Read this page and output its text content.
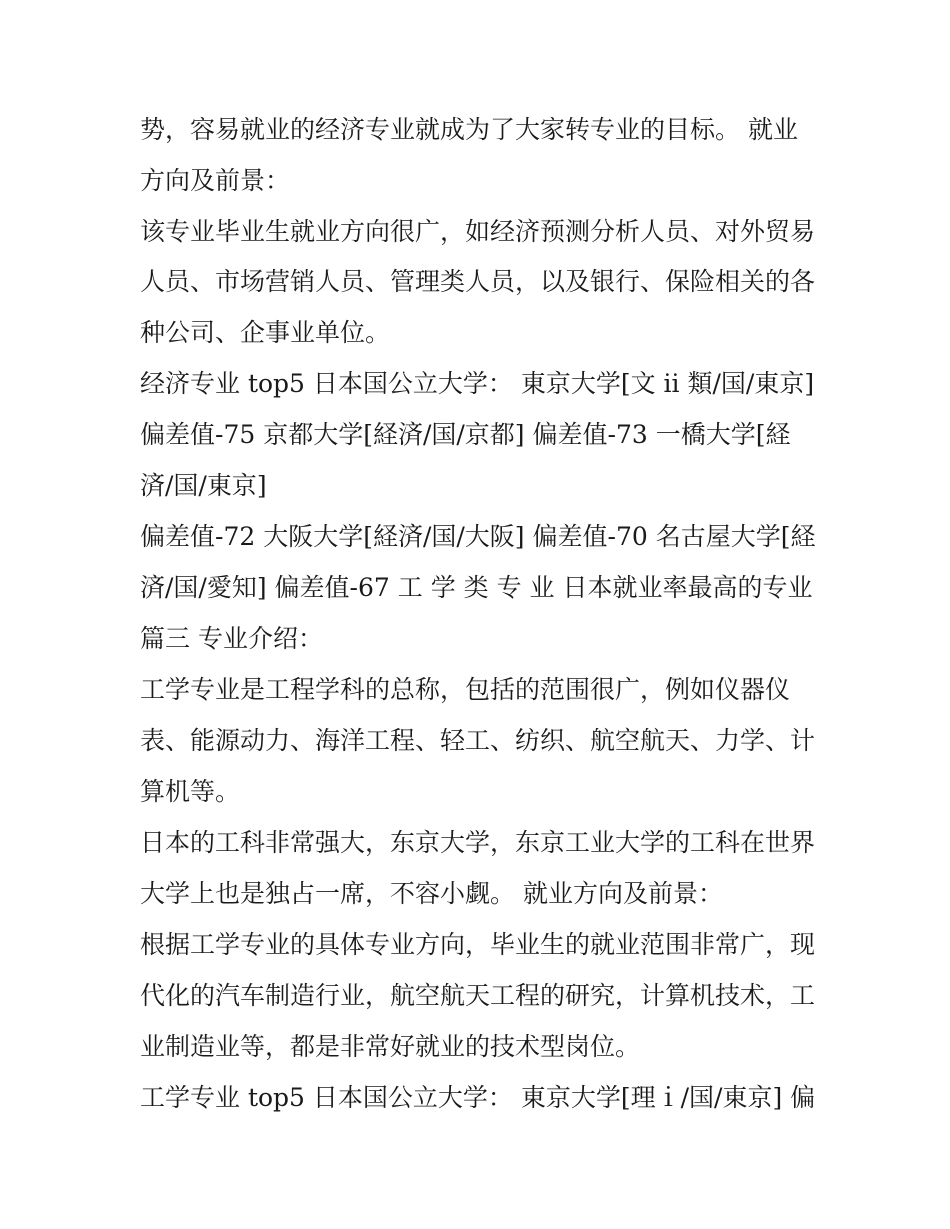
势，容易就业的经济专业就成为了大家转专业的目标。 就业
方向及前景：
该专业毕业生就业方向很广，如经济预测分析人员、对外贸易
人员、市场营销人员、管理类人员，以及银行、保险相关的各
种公司、企事业单位。
经济专业 top5 日本国公立大学： 東京大学[文 ii 類/国/東京]
偏差值-75 京都大学[経済/国/京都] 偏差值-73 一橋大学[経
済/国/東京]
偏差值-72 大阪大学[経済/国/大阪] 偏差值-70 名古屋大学[経
済/国/愛知] 偏差值-67 工 学 类 专 业 日本就业率最高的专业
篇三 专业介绍：
工学专业是工程学科的总称，包括的范围很广，例如仪器仪
表、能源动力、海洋工程、轻工、纺织、航空航天、力学、计
算机等。
日本的工科非常强大，东京大学，东京工业大学的工科在世界
大学上也是独占一席，不容小觑。 就业方向及前景：
根据工学专业的具体专业方向，毕业生的就业范围非常广，现
代化的汽车制造行业，航空航天工程的研究，计算机技术，工
业制造业等，都是非常好就业的技术型岗位。
工学专业 top5 日本国公立大学： 東京大学[理ｉ/国/東京] 偏
